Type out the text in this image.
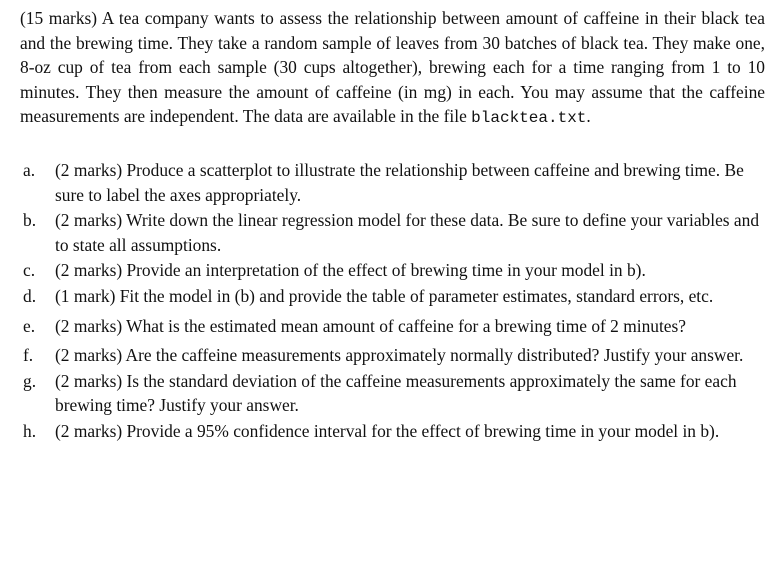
(15 marks) A tea company wants to assess the relationship between amount of caffeine in their black tea and the brewing time. They take a random sample of leaves from 30 batches of black tea. They make one, 8-oz cup of tea from each sample (30 cups altogether), brewing each for a time ranging from 1 to 10 minutes. They then measure the amount of caffeine (in mg) in each. You may assume that the caffeine measurements are independent. The data are available in the file blacktea.txt.

a. (2 marks) Produce a scatterplot to illustrate the relationship between caffeine and brewing time. Be sure to label the axes appropriately.
b. (2 marks) Write down the linear regression model for these data. Be sure to define your variables and to state all assumptions.
c. (2 marks) Provide an interpretation of the effect of brewing time in your model in b).
d. (1 mark) Fit the model in (b) and provide the table of parameter estimates, standard errors, etc.
e. (2 marks) What is the estimated mean amount of caffeine for a brewing time of 2 minutes?
f. (2 marks) Are the caffeine measurements approximately normally distributed? Justify your answer.
g. (2 marks) Is the standard deviation of the caffeine measurements approximately the same for each brewing time? Justify your answer.
h. (2 marks) Provide a 95% confidence interval for the effect of brewing time in your model in b).
